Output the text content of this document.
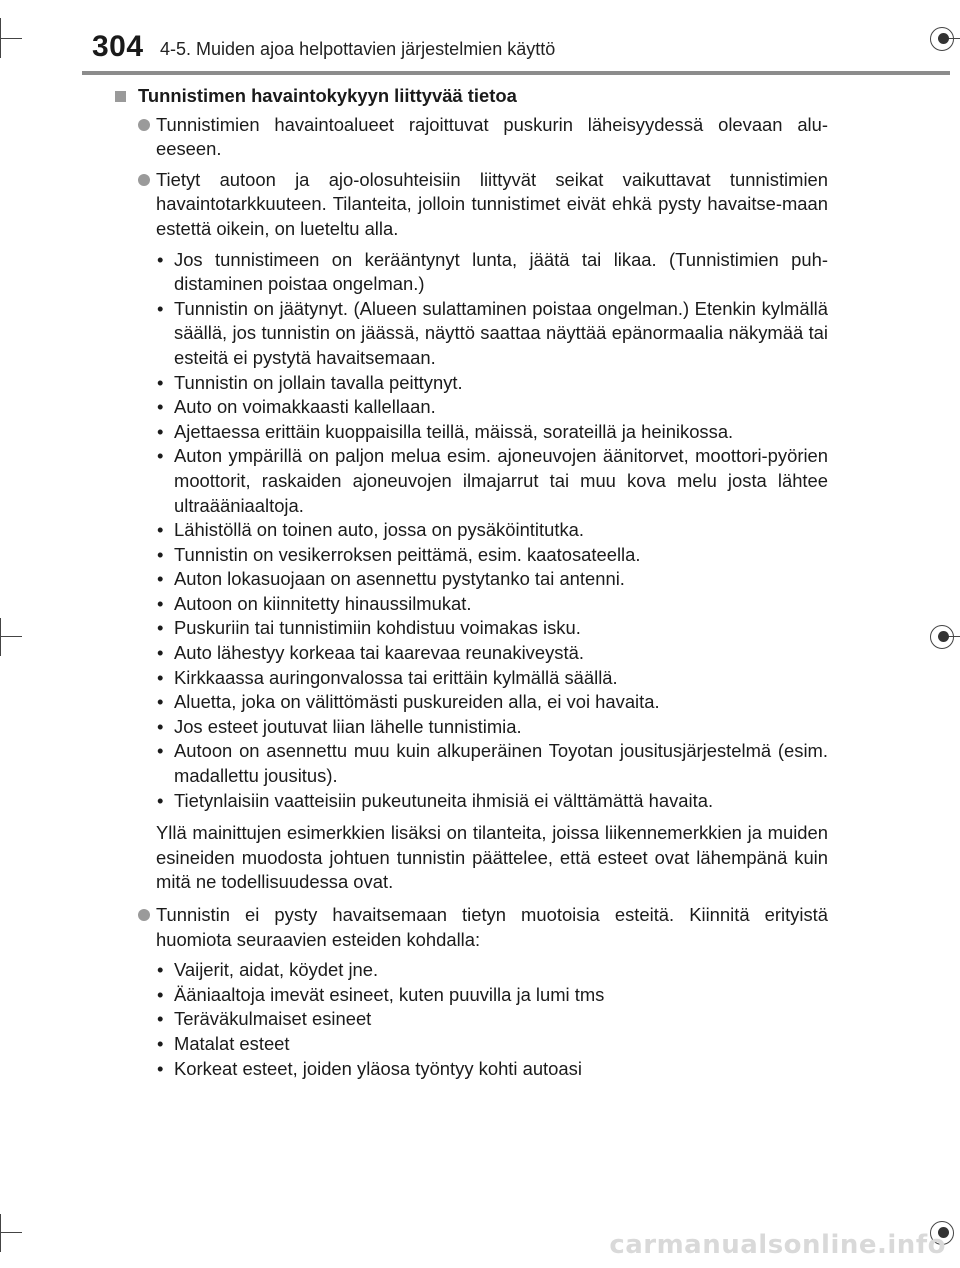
304 4-5. Muiden ajoa helpottavien järjestelmien käyttö
Tunnistimen havaintokykyyn liittyvää tietoa
Tunnistimien havaintoalueet rajoittuvat puskurin läheisyydessä olevaan alu-eeseen.
Tietyt autoon ja ajo-olosuhteisiin liittyvät seikat vaikuttavat tunnistimien havaintotarkkuuteen. Tilanteita, jolloin tunnistimet eivät ehkä pysty havaitse-maan estettä oikein, on lueteltu alla.
• Jos tunnistimeen on kerääntynyt lunta, jäätä tai likaa. (Tunnistimien puh-distaminen poistaa ongelman.)
• Tunnistin on jäätynyt. (Alueen sulattaminen poistaa ongelman.) Etenkin kylmällä säällä, jos tunnistin on jäässä, näyttö saattaa näyttää epänormaalia näkymää tai esteitä ei pystytä havaitsemaan.
• Tunnistin on jollain tavalla peittynyt.
• Auto on voimakkaasti kallellaan.
• Ajettaessa erittäin kuoppaisilla teillä, mäissä, sorateillä ja heinikossa.
• Auton ympärillä on paljon melua esim. ajoneuvojen äänitorvet, moottori-pyörien moottorit, raskaiden ajoneuvojen ilmajarrut tai muu kova melu josta lähtee ultraääniaaltoja.
• Lähistöllä on toinen auto, jossa on pysäköintitutka.
• Tunnistin on vesikerroksen peittämä, esim. kaatosateella.
• Auton lokasuojaan on asennettu pystytanko tai antenni.
• Autoon on kiinnitetty hinaussilmukat.
• Puskuriin tai tunnistimiin kohdistuu voimakas isku.
• Auto lähestyy korkeaa tai kaarevaa reunakiveystä.
• Kirkkaassa auringonvalossa tai erittäin kylmällä säällä.
• Aluetta, joka on välittömästi puskureiden alla, ei voi havaita.
• Jos esteet joutuvat liian lähelle tunnistimia.
• Autoon on asennettu muu kuin alkuperäinen Toyotan jousitusjärjestelmä (esim. madallettu jousitus).
• Tietynlaisiin vaatteisiin pukeutuneita ihmisiä ei välttämättä havaita.
Yllä mainittujen esimerkkien lisäksi on tilanteita, joissa liikennemerkkien ja muiden esineiden muodosta johtuen tunnistin päättelee, että esteet ovat lähempänä kuin mitä ne todellisuudessa ovat.
Tunnistin ei pysty havaitsemaan tietyn muotoisia esteitä. Kiinnitä erityistä huomiota seuraavien esteiden kohdalla:
• Vaijerit, aidat, köydet jne.
• Ääniaaltoja imevät esineet, kuten puuvilla ja lumi tms
• Teräväkulmaiset esineet
• Matalat esteet
• Korkeat esteet, joiden yläosa työntyy kohti autoasi
carmanualsonline.info
